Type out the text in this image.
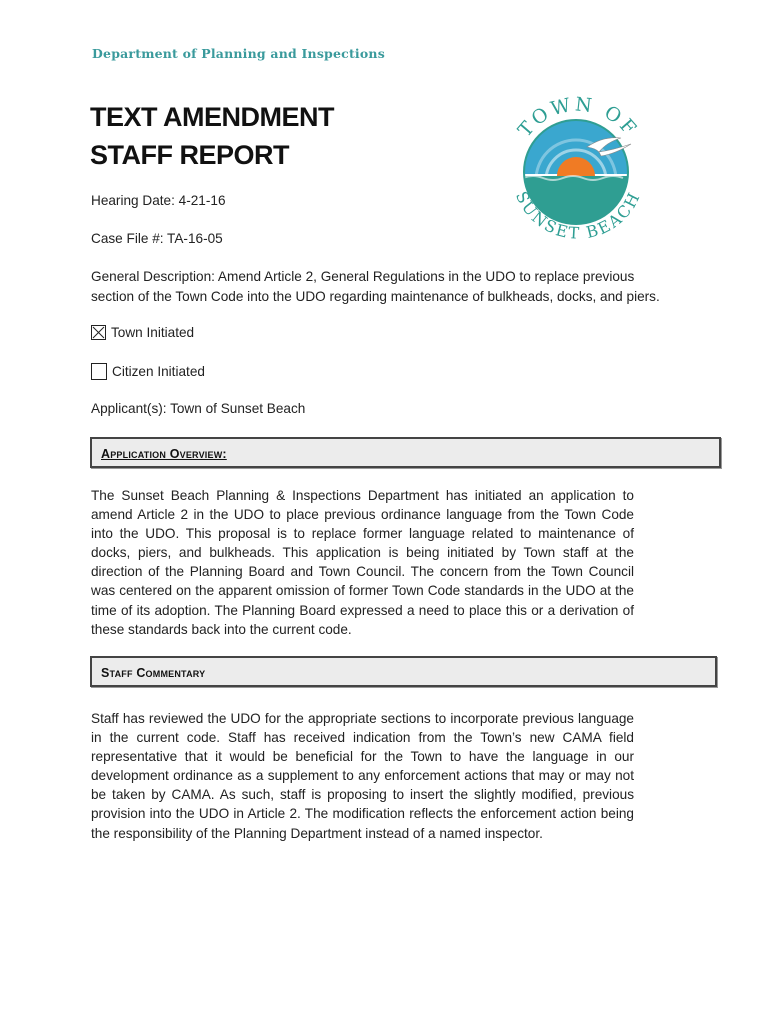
Department of Planning and Inspections
TEXT AMENDMENT
STAFF REPORT
TOWN OF
SUNSET BEACH
Hearing Date: 4-21-16
Case File #: TA-16-05
General Description: Amend Article 2, General Regulations in the UDO to replace previous section of the Town Code into the UDO regarding maintenance of bulkheads, docks, and piers.
Town Initiated
Citizen Initiated
Applicant(s): Town of Sunset Beach
Application Overview:
The Sunset Beach Planning & Inspections Department has initiated an application to amend Article 2 in the UDO to place previous ordinance language from the Town Code into the UDO. This proposal is to replace former language related to maintenance of docks, piers, and bulkheads. This application is being initiated by Town staff at the direction of the Planning Board and Town Council. The concern from the Town Council was centered on the apparent omission of former Town Code standards in the UDO at the time of its adoption. The Planning Board expressed a need to place this or a derivation of these standards back into the current code.
Staff Commentary
Staff has reviewed the UDO for the appropriate sections to incorporate previous language in the current code. Staff has received indication from the Town’s new CAMA field representative that it would be beneficial for the Town to have the language in our development ordinance as a supplement to any enforcement actions that may or may not be taken by CAMA. As such, staff is proposing to insert the slightly modified, previous provision into the UDO in Article 2. The modification reflects the enforcement action being the responsibility of the Planning Department instead of a named inspector.
